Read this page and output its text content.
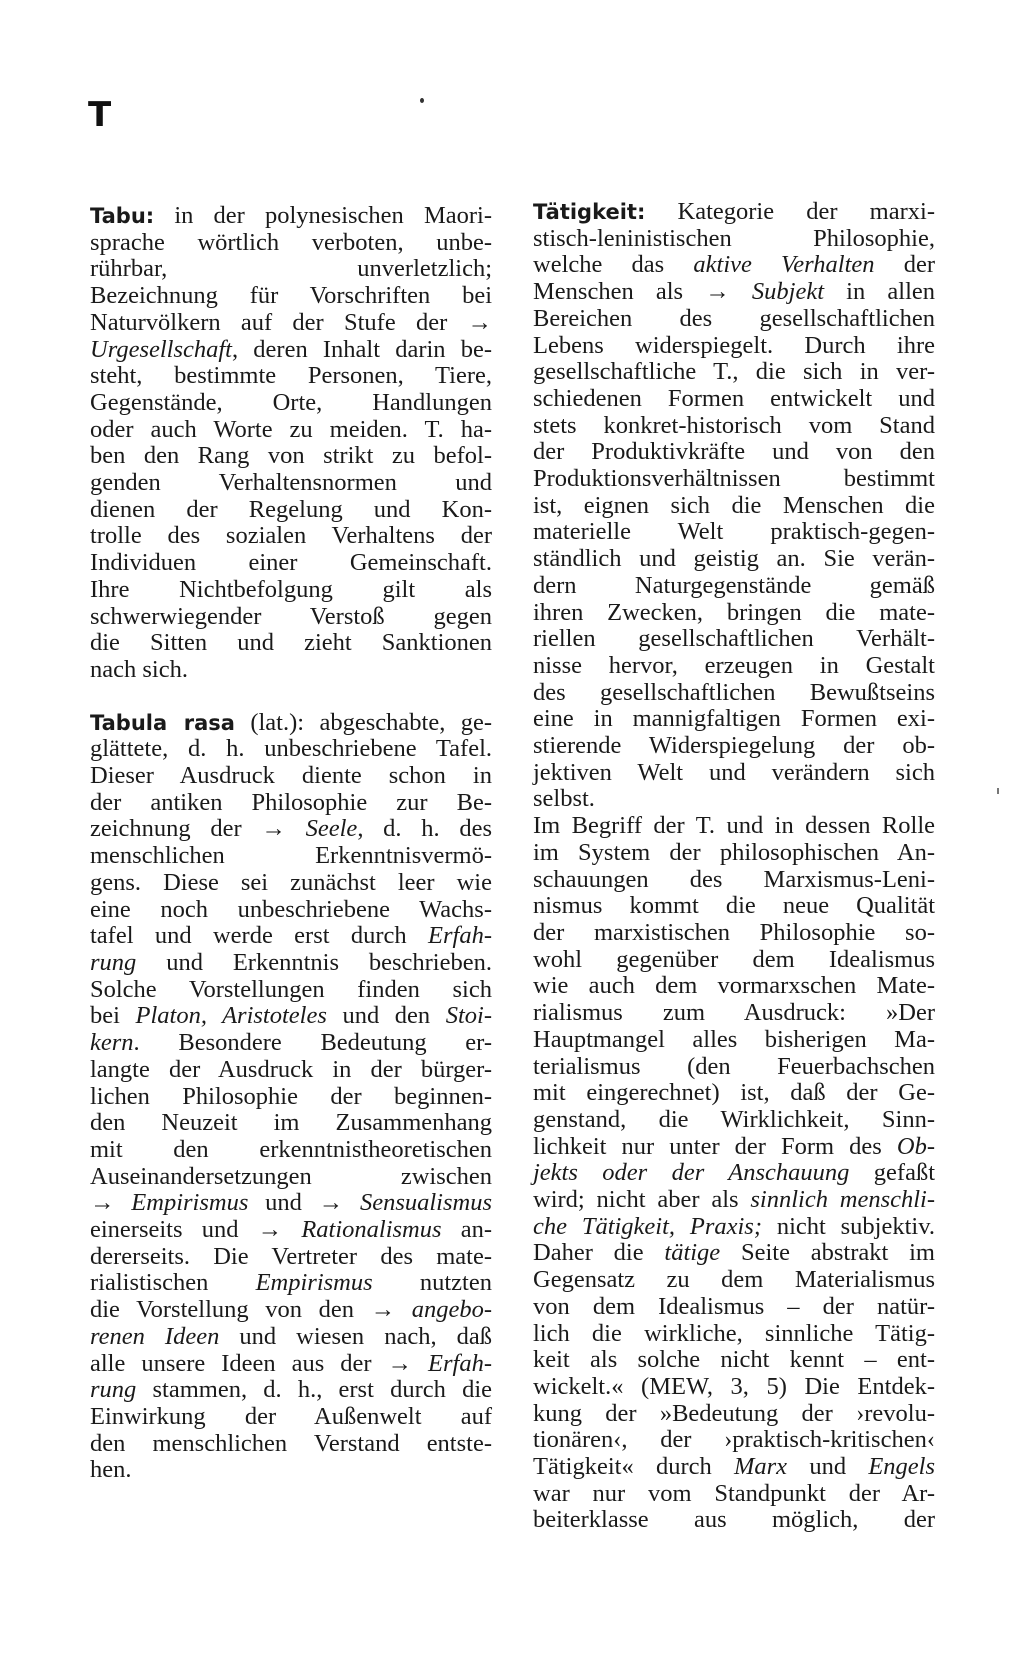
T
Tabu: in der polynesischen Maori-
sprache wörtlich verboten, unbe-
rührbar, unverletzlich;
Bezeichnung für Vorschriften bei
Naturvölkern auf der Stufe der →
Urgesellschaft, deren Inhalt darin be-
steht, bestimmte Personen, Tiere,
Gegenstände, Orte, Handlungen
oder auch Worte zu meiden. T. ha-
ben den Rang von strikt zu befol-
genden Verhaltensnormen und
dienen der Regelung und Kon-
trolle des sozialen Verhaltens der
Individuen einer Gemeinschaft.
Ihre Nichtbefolgung gilt als
schwerwiegender Verstoß gegen
die Sitten und zieht Sanktionen
nach sich.
Tabula rasa (lat.): abgeschabte, ge-
glättete, d. h. unbeschriebene Tafel.
Dieser Ausdruck diente schon in
der antiken Philosophie zur Be-
zeichnung der → Seele, d. h. des
menschlichen Erkenntnisvermö-
gens. Diese sei zunächst leer wie
eine noch unbeschriebene Wachs-
tafel und werde erst durch Erfah-
rung und Erkenntnis beschrieben.
Solche Vorstellungen finden sich
bei Platon, Aristoteles und den Stoi-
kern. Besondere Bedeutung er-
langte der Ausdruck in der bürger-
lichen Philosophie der beginnen-
den Neuzeit im Zusammenhang
mit den erkenntnistheoretischen
Auseinandersetzungen zwischen
→ Empirismus und → Sensualismus
einerseits und → Rationalismus an-
dererseits. Die Vertreter des mate-
rialistischen Empirismus nutzten
die Vorstellung von den → angebo-
renen Ideen und wiesen nach, daß
alle unsere Ideen aus der → Erfah-
rung stammen, d. h., erst durch die
Einwirkung der Außenwelt auf
den menschlichen Verstand entste-
hen.
Tätigkeit: Kategorie der marxi-
stisch-leninistischen Philosophie,
welche das aktive Verhalten der
Menschen als → Subjekt in allen
Bereichen des gesellschaftlichen
Lebens widerspiegelt. Durch ihre
gesellschaftliche T., die sich in ver-
schiedenen Formen entwickelt und
stets konkret-historisch vom Stand
der Produktivkräfte und von den
Produktionsverhältnissen bestimmt
ist, eignen sich die Menschen die
materielle Welt praktisch-gegen-
ständlich und geistig an. Sie verän-
dern Naturgegenstände gemäß
ihren Zwecken, bringen die mate-
riellen gesellschaftlichen Verhält-
nisse hervor, erzeugen in Gestalt
des gesellschaftlichen Bewußtseins
eine in mannigfaltigen Formen exi-
stierende Widerspiegelung der ob-
jektiven Welt und verändern sich
selbst.
Im Begriff der T. und in dessen Rolle
im System der philosophischen An-
schauungen des Marxismus-Leni-
nismus kommt die neue Qualität
der marxistischen Philosophie so-
wohl gegenüber dem Idealismus
wie auch dem vormarxschen Mate-
rialismus zum Ausdruck: »Der
Hauptmangel alles bisherigen Ma-
terialismus (den Feuerbachschen
mit eingerechnet) ist, daß der Ge-
genstand, die Wirklichkeit, Sinn-
lichkeit nur unter der Form des Ob-
jekts oder der Anschauung gefaßt
wird; nicht aber als sinnlich menschli-
che Tätigkeit, Praxis; nicht subjektiv.
Daher die tätige Seite abstrakt im
Gegensatz zu dem Materialismus
von dem Idealismus – der natür-
lich die wirkliche, sinnliche Tätig-
keit als solche nicht kennt – ent-
wickelt.« (MEW, 3, 5) Die Entdek-
kung der »Bedeutung der ›revolu-
tionären‹, der ›praktisch-kritischen‹
Tätigkeit« durch Marx und Engels
war nur vom Standpunkt der Ar-
beiterklasse aus möglich, der
